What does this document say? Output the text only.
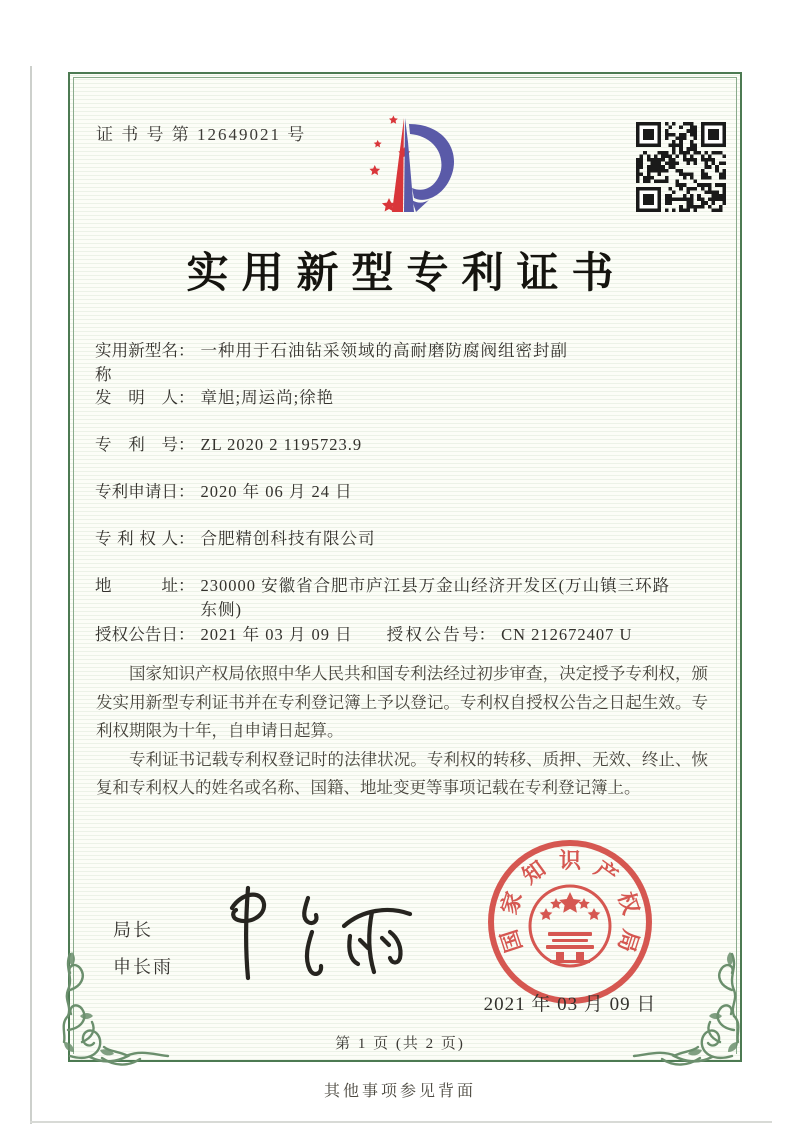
证 书 号 第 12649021 号
实用新型专利证书
实用新型名称
： 一种用于石油钻采领域的高耐磨防腐阀组密封副
发明人 ： 章旭;周运尚;徐艳
专利号 ： ZL 2020 2 1195723.9
专利申请日 ： 2020 年 06 月 24 日
专利权人 ： 合肥精创科技有限公司
地址 ： 230000 安徽省合肥市庐江县万金山经济开发区(万山镇三环路东侧)
授权公告日 ： 2021 年 03 月 09 日 授权公告号 ： CN 212672407 U

国家知识产权局依照中华人民共和国专利法经过初步审查，决定授予专利权，颁发实用新型专利证书并在专利登记簿上予以登记。专利权自授权公告之日起生效。专利权期限为十年，自申请日起算。

专利证书记载专利权登记时的法律状况。专利权的转移、质押、无效、终止、恢复和专利权人的姓名或名称、国籍、地址变更等事项记载在专利登记簿上。

局长
申长雨
国
家
知 识 产
权
局
2021 年 03 月 09 日
第 1 页 (共 2 页)
其他事项参见背面
